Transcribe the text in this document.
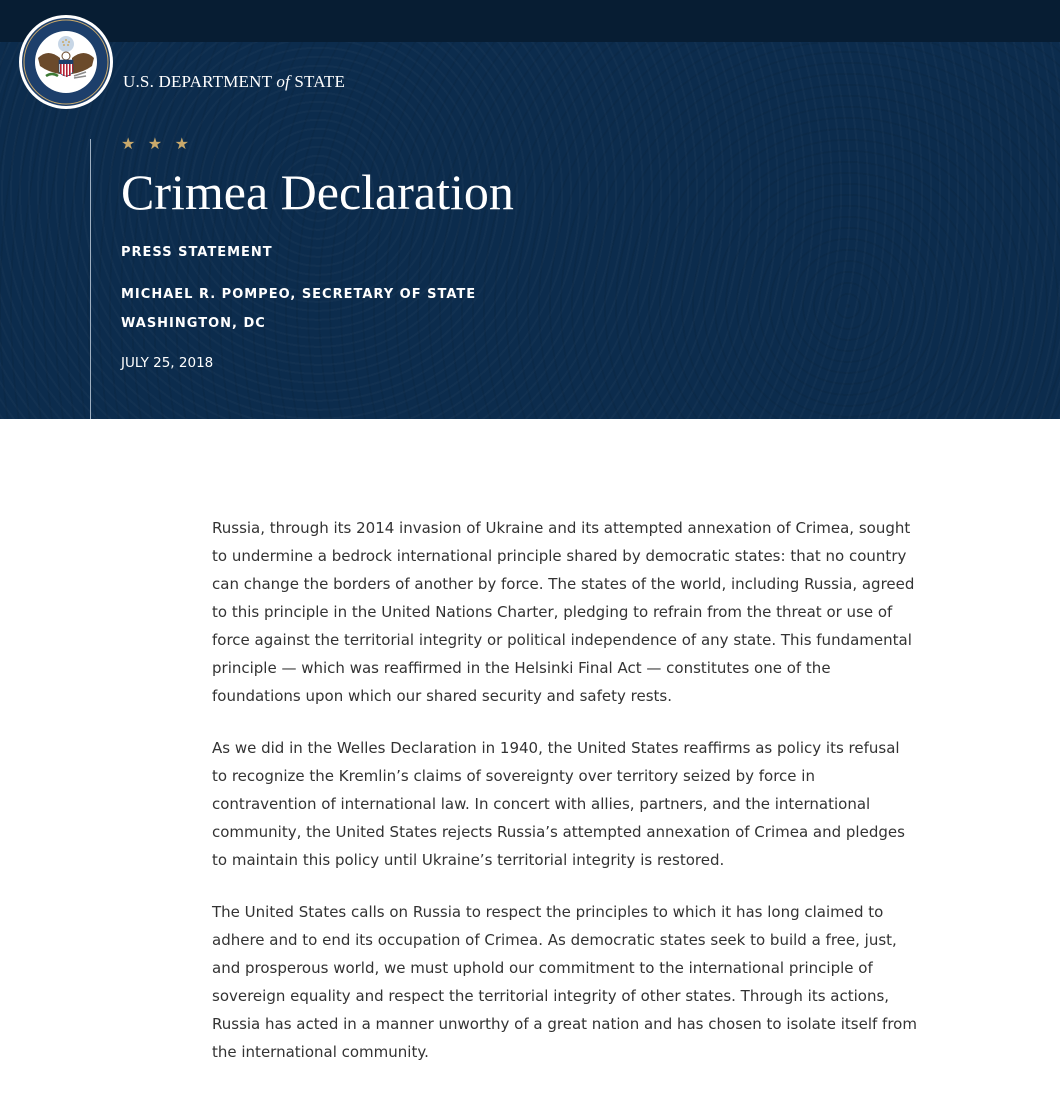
U.S. DEPARTMENT of STATE
★ ★ ★
Crimea Declaration
PRESS STATEMENT
MICHAEL R. POMPEO, SECRETARY OF STATE
WASHINGTON, DC
JULY 25, 2018

Russia, through its 2014 invasion of Ukraine and its attempted annexation of Crimea, sought to undermine a bedrock international principle shared by democratic states: that no country can change the borders of another by force. The states of the world, including Russia, agreed to this principle in the United Nations Charter, pledging to refrain from the threat or use of force against the territorial integrity or political independence of any state. This fundamental principle — which was reaffirmed in the Helsinki Final Act — constitutes one of the foundations upon which our shared security and safety rests.

As we did in the Welles Declaration in 1940, the United States reaffirms as policy its refusal to recognize the Kremlin’s claims of sovereignty over territory seized by force in contravention of international law. In concert with allies, partners, and the international community, the United States rejects Russia’s attempted annexation of Crimea and pledges to maintain this policy until Ukraine’s territorial integrity is restored.

The United States calls on Russia to respect the principles to which it has long claimed to adhere and to end its occupation of Crimea. As democratic states seek to build a free, just, and prosperous world, we must uphold our commitment to the international principle of sovereign equality and respect the territorial integrity of other states. Through its actions, Russia has acted in a manner unworthy of a great nation and has chosen to isolate itself from the international community.
